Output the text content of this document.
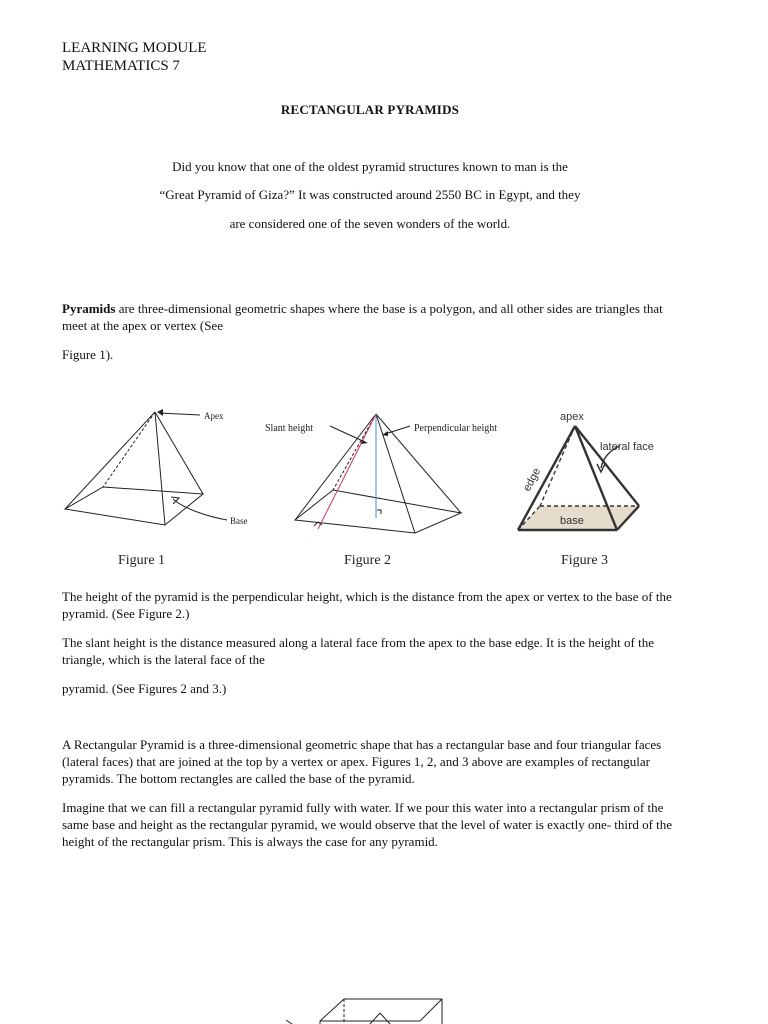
LEARNING MODULE
MATHEMATICS 7
RECTANGULAR PYRAMIDS
Did you know that one of the oldest pyramid structures known to man is the
“Great Pyramid of Giza?” It was constructed around 2550 BC in Egypt, and they
are considered one of the seven wonders of the world.
Pyramids are three-dimensional geometric shapes where the base is a polygon, and all other sides are triangles that meet at the apex or vertex (See
Figure 1).
Apex
Base
Figure 1
Slant height	Perpendicular height
Figure 2
apex
lateral face
edge
base
Figure 3
The height of the pyramid is the perpendicular height, which is the distance from the apex or vertex to the base of the pyramid. (See Figure 2.)
The slant height is the distance measured along a lateral face from the apex to the base edge. It is the height of the triangle, which is the lateral face of the
pyramid. (See Figures 2 and 3.)
A Rectangular Pyramid is a three-dimensional geometric shape that has a rectangular base and four triangular faces (lateral faces) that are joined at the top by a vertex or apex. Figures 1, 2, and 3 above are examples of rectangular pyramids. The bottom rectangles are called the base of the pyramid.
Imagine that we can fill a rectangular pyramid fully with water. If we pour this water into a rectangular prism of the same base and height as the rectangular pyramid, we would observe that the level of water is exactly one- third of the height of the rectangular prism. This is always the case for any pyramid.
